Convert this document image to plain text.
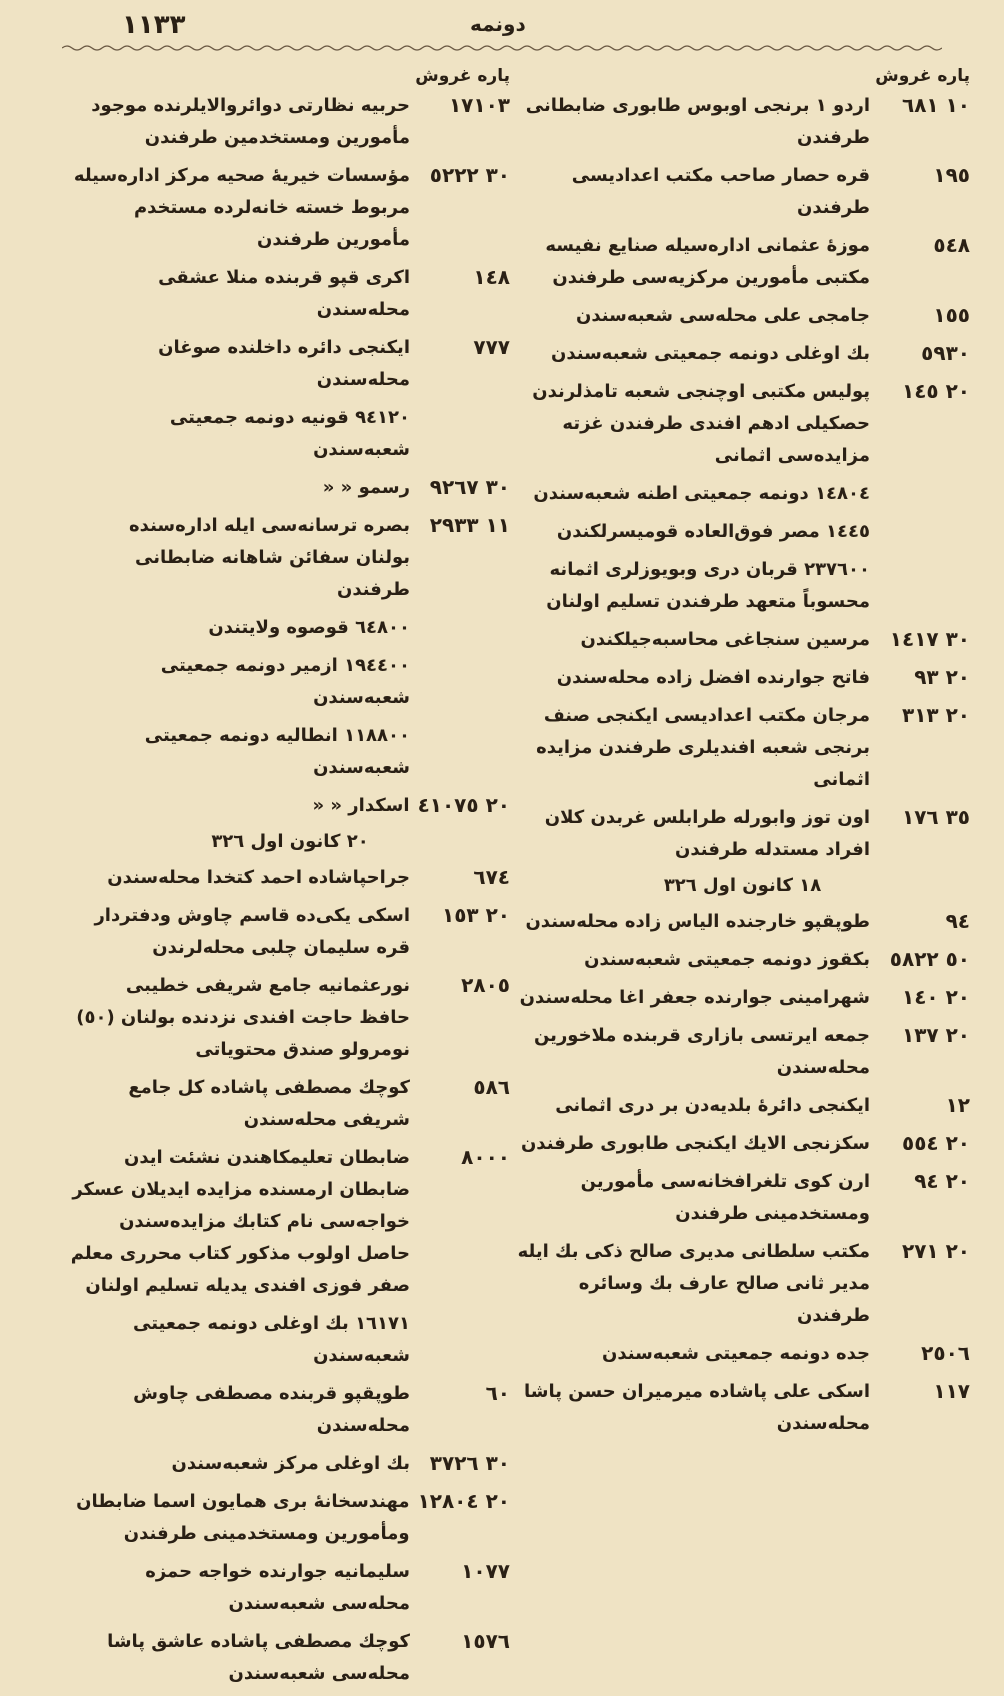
١١٣٣	دونمه
پاره غروش
١٠ ٦٨١
اردو ١ برنجی اوبوس طابوری ضابطانی طرفندن
١٩٥
قره حصار صاحب مکتب اعدادیسی طرفندن
٥٤٨
موزهٔ عثمانی اداره‌سیله صنایع نفیسه مکتبی مأمورین مرکزیه‌سی طرفندن
١٥٥
جامجی علی محله‌سی شعبه‌سندن
٥٩٣٠
بك اوغلی دونمه جمعیتی شعبه‌سندن
٢٠ ١٤٥
پولیس مکتبی اوچنجی شعبه تامذلرندن حصکیلی ادهم افندی طرفندن غزته مزایده‌سی اثمانی
١٤٨٠٤ دونمه جمعیتی اطنه شعبه‌سندن
١٤٤٥ مصر فوق‌العاده قومیسرلکندن
٢٣٧٦٠٠ قربان دری وبویوزلری اثمانه محسوباً متعهد طرفندن تسلیم اولنان
٣٠ ١٤١٧
مرسین سنجاغی محاسبه‌جیلکندن
٢٠ ٩٣
فاتح جوارنده افضل زاده محله‌سندن
٢٠ ٣١٣
مرجان مکتب اعدادیسی ایکنجی صنف برنجی شعبه افندیلری طرفندن مزایده اثمانی
٣٥ ١٧٦
اون توز وابورله طرابلس غربدن کلان افراد مستدله طرفندن
١٨ کانون اول ٣٢٦
٩٤
طوپقپو خارجنده الیاس زاده محله‌سندن
٥٠ ٥٨٢٢
بکقوز دونمه جمعیتی شعبه‌سندن
٢٠ ١٤٠
شهرامینی جوارنده جعفر اغا محله‌سندن
٢٠ ١٣٧
جمعه ایرتسی بازاری قربنده ملاخورین محله‌سندن
١٢
ایکنجی دائرهٔ بلدیه‌دن بر دری اثمانی
٢٠ ٥٥٤
سکزنجی الایك ایکنجی طابوری طرفندن
٢٠ ٩٤
ارن کوی تلغرافخانه‌سی مأمورین ومستخدمینی طرفندن
٢٠ ٢٧١
مکتب سلطانی مدیری صالح ذکی بك ایله مدیر ثانی صالح عارف بك وسائره طرفندن
٢٥٠٦
جده دونمه جمعیتی شعبه‌سندن
١١٧
اسکی علی پاشاده میرمیران حسن پاشا محله‌سندن
پاره غروش
١٧١٠٣
حربیه نظارتی دوائروالایلرنده موجود مأمورین ومستخدمین طرفندن
٣٠ ٥٢٢٢
مؤسسات خیریهٔ صحیه مرکز اداره‌سیله مربوط خسته خانه‌لرده مستخدم مأمورین طرفندن
١٤٨
اکری قپو قربنده منلا عشقی محله‌سندن
٧٧٧
ایکنجی دائره داخلنده صوغان محله‌سندن
٩٤١٢٠ قونیه دونمه جمعیتی شعبه‌سندن
٣٠ ٩٢٦٧
رسمو « «
١١ ٢٩٣٣
بصره ترسانه‌سی ایله اداره‌سنده بولنان سفائن شاهانه ضابطانی طرفندن
٦٤٨٠٠ قوصوه ولایتندن
١٩٤٤٠٠ ازمیر دونمه جمعیتی شعبه‌سندن
١١٨٨٠٠ انطالیه دونمه جمعیتی شعبه‌سندن
٢٠ ٤١٠٧٥
اسکدار « «
٢٠ کانون اول ٣٢٦
٦٧٤
جراحپاشاده احمد کتخدا محله‌سندن
٢٠ ١٥٣
اسکی یکی‌ده قاسم چاوش ودفتردار قره سلیمان چلبی محله‌لرندن
٢٨٠٥
نورعثمانیه جامع شریفی خطیبی حافظ حاجت افندی نزدنده بولنان (٥٠) نومرولو صندق محتویاتی
٥٨٦
کوچك مصطفی پاشاده کل جامع شریفی محله‌سندن
٨٠٠٠
ضابطان تعلیمکاهندن نشئت ایدن ضابطان ارمسنده مزایده ایدیلان عسکر خواجه‌سی نام کتابك مزایده‌سندن حاصل اولوب مذکور کتاب محرری معلم صفر فوزی افندی یدیله تسلیم اولنان
١٦١٧١ بك اوغلی دونمه جمعیتی شعبه‌سندن
٦٠
طوپقپو قربنده مصطفی چاوش محله‌سندن
٣٠ ٣٧٢٦
بك اوغلی مرکز شعبه‌سندن
٢٠ ١٢٨٠٤
مهندسخانهٔ بری همایون اسما ضابطان ومأمورین ومستخدمینی طرفندن
١٠٧٧
سلیمانیه جوارنده خواجه حمزه محله‌سی شعبه‌سندن
١٥٧٦
کوچك مصطفی پاشاده عاشق پاشا محله‌سی شعبه‌سندن
